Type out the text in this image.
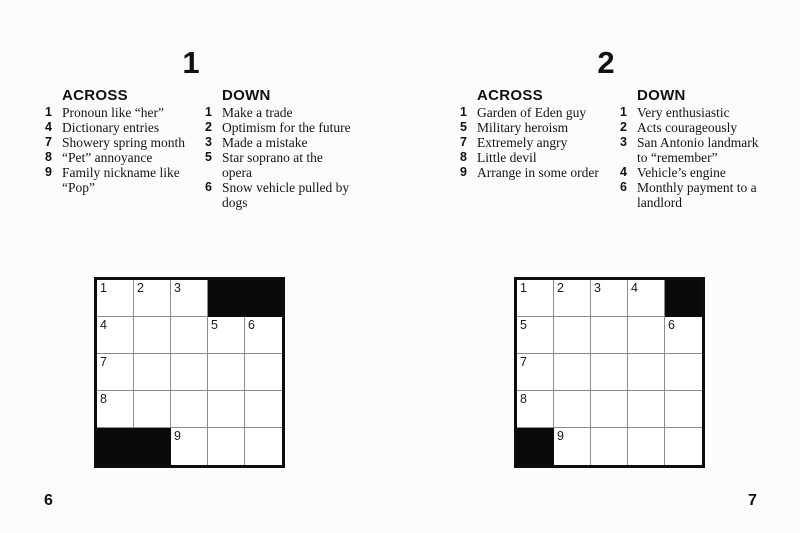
1
ACROSS
1 Pronoun like “her”
4 Dictionary entries
7 Showery spring month
8 “Pet” annoyance
9 Family nickname like “Pop”
DOWN
1 Make a trade
2 Optimism for the future
3 Made a mistake
5 Star soprano at the opera
6 Snow vehicle pulled by dogs
1 2 3
4	5 6
7
8
9
2
ACROSS
1 Garden of Eden guy
5 Military heroism
7 Extremely angry
8 Little devil
9 Arrange in some order
DOWN
1 Very enthusiastic
2 Acts courageously
3 San Antonio landmark to “remember”
4 Vehicle’s engine
6 Monthly payment to a landlord
1 2 3 4
5	6
7
8
9
6	7
